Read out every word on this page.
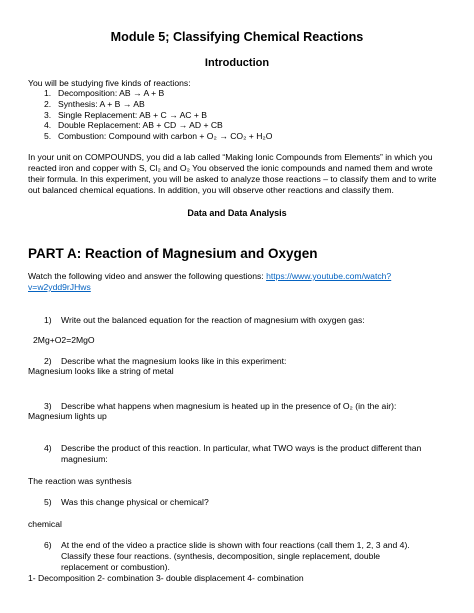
Module 5; Classifying Chemical Reactions
Introduction
You will be studying five kinds of reactions:
1. Decomposition: AB → A + B
2. Synthesis: A + B → AB
3. Single Replacement: AB + C → AC + B
4. Double Replacement: AB + CD → AD + CB
5. Combustion: Compound with carbon + O₂ → CO₂ + H₂O
In your unit on COMPOUNDS, you did a lab called “Making Ionic Compounds from Elements” in which you
reacted iron and copper with S, Cl₂ and O₂ You observed the ionic compounds and named them and wrote
their formula. In this experiment, you will be asked to analyze those reactions – to classify them and to write
out balanced chemical equations. In addition, you will observe other reactions and classify them.
Data and Data Analysis
PART A: Reaction of Magnesium and Oxygen
Watch the following video and answer the following questions: https://www.youtube.com/watch?
v=w2ydd9rJHws
1) Write out the balanced equation for the reaction of magnesium with oxygen gas:
2Mg+O2=2MgO
2) Describe what the magnesium looks like in this experiment:
Magnesium looks like a string of metal
3) Describe what happens when magnesium is heated up in the presence of O₂ (in the air):
Magnesium lights up
4) Describe the product of this reaction. In particular, what TWO ways is the product different than
magnesium:
The reaction was synthesis
5) Was this change physical or chemical?
chemical
6) At the end of the video a practice slide is shown with four reactions (call them 1, 2, 3 and 4).
Classify these four reactions. (synthesis, decomposition, single replacement, double
replacement or combustion).
1- Decomposition 2- combination 3- double displacement 4- combination
